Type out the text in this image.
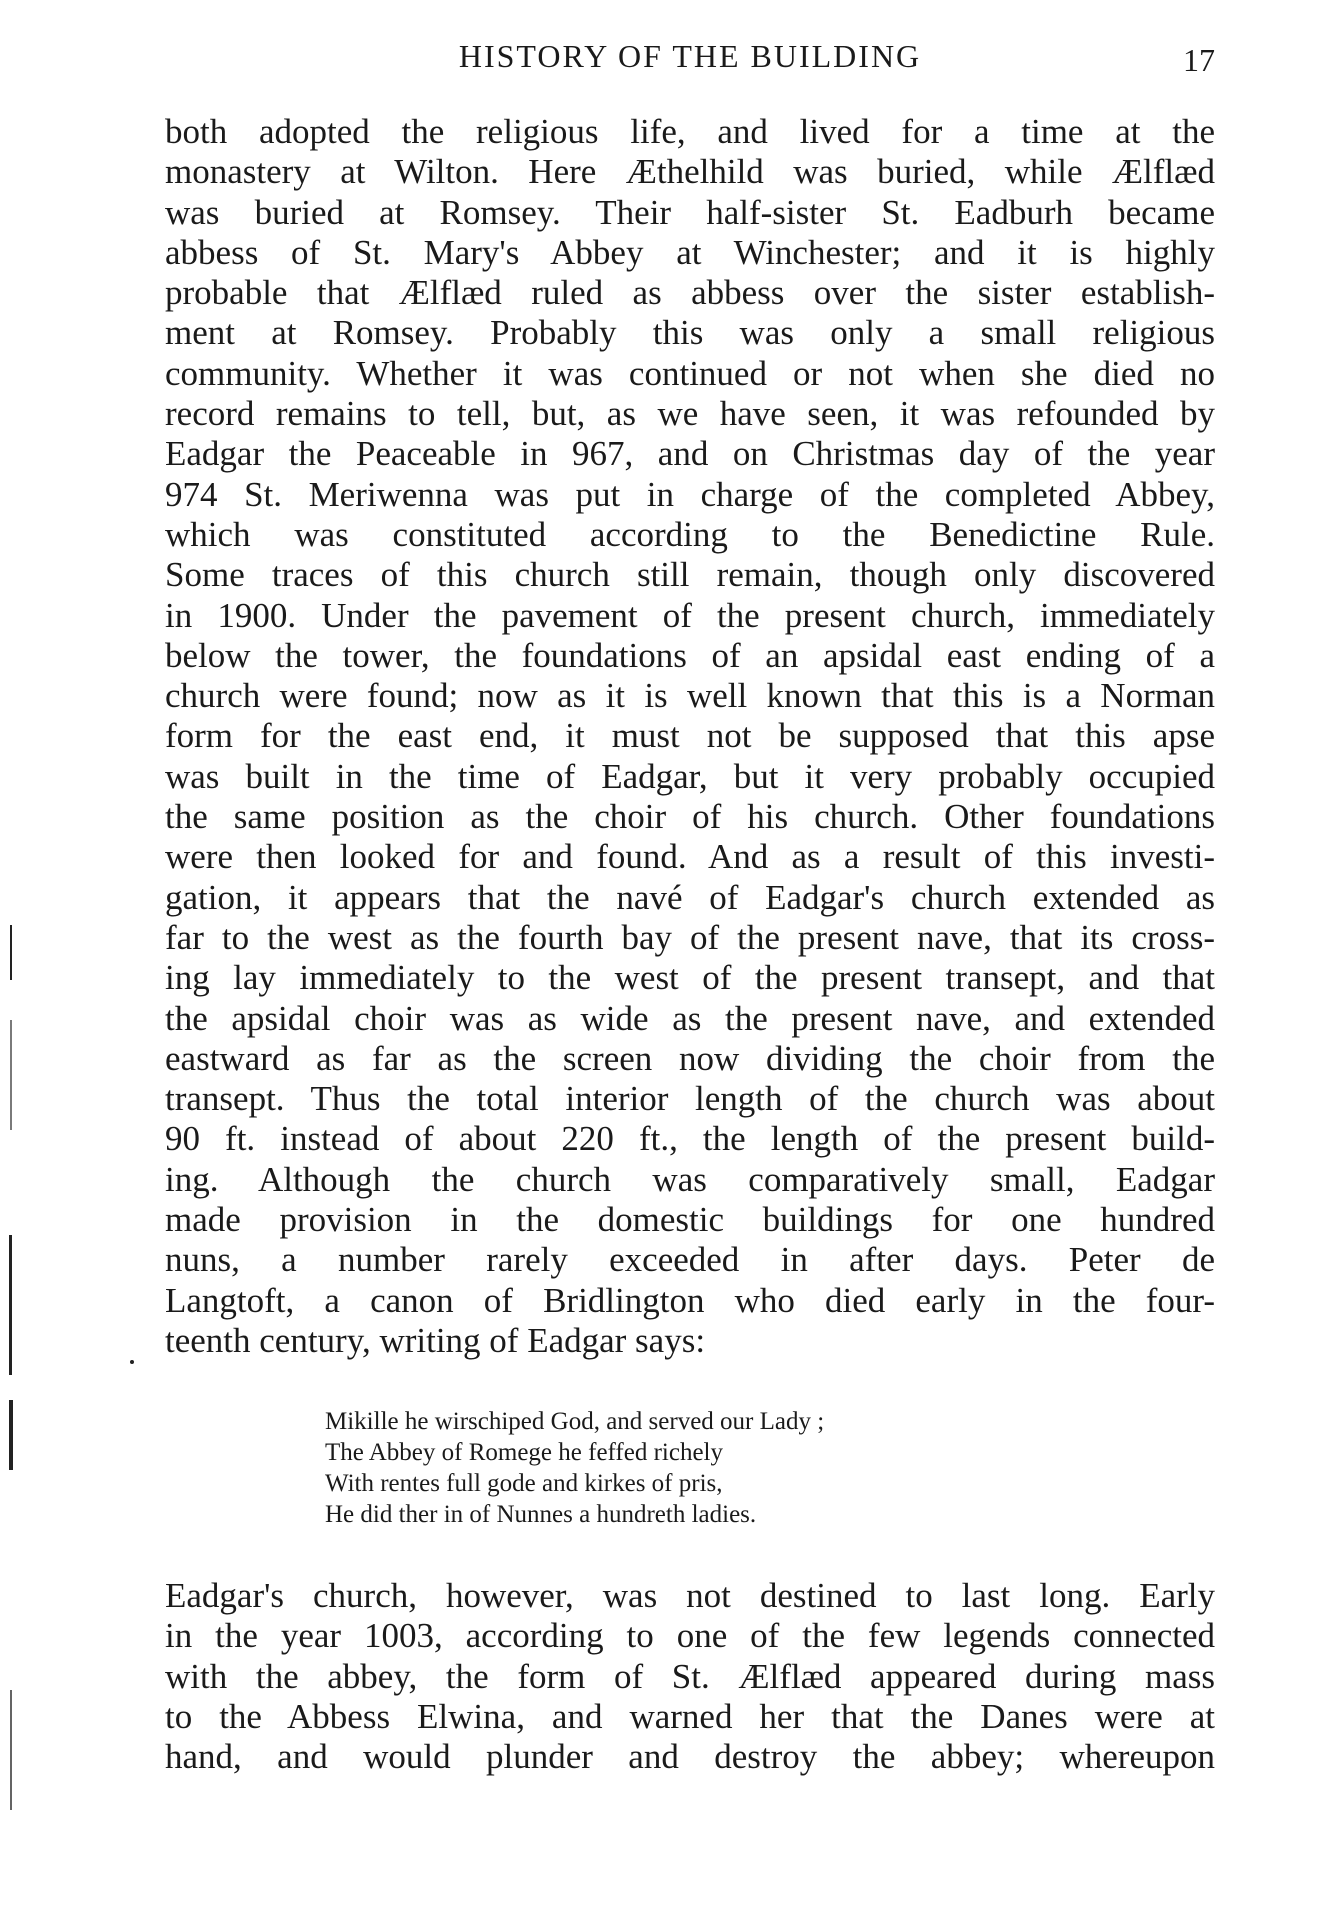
HISTORY OF THE BUILDING	17
both adopted the religious life, and lived for a time at the
monastery at Wilton. Here Æthelhild was buried, while Ælflæd
was buried at Romsey. Their half-sister St. Eadburh became
abbess of St. Mary's Abbey at Winchester; and it is highly
probable that Ælflæd ruled as abbess over the sister establish-
ment at Romsey. Probably this was only a small religious
community. Whether it was continued or not when she died no
record remains to tell, but, as we have seen, it was refounded by
Eadgar the Peaceable in 967, and on Christmas day of the year
974 St. Meriwenna was put in charge of the completed Abbey,
which was constituted according to the Benedictine Rule.
Some traces of this church still remain, though only discovered
in 1900. Under the pavement of the present church, immediately
below the tower, the foundations of an apsidal east ending of a
church were found; now as it is well known that this is a Norman
form for the east end, it must not be supposed that this apse
was built in the time of Eadgar, but it very probably occupied
the same position as the choir of his church. Other foundations
were then looked for and found. And as a result of this investi-
gation, it appears that the navé of Eadgar's church extended as
far to the west as the fourth bay of the present nave, that its cross-
ing lay immediately to the west of the present transept, and that
the apsidal choir was as wide as the present nave, and extended
eastward as far as the screen now dividing the choir from the
transept. Thus the total interior length of the church was about
90 ft. instead of about 220 ft., the length of the present build-
ing. Although the church was comparatively small, Eadgar
made provision in the domestic buildings for one hundred
nuns, a number rarely exceeded in after days. Peter de
Langtoft, a canon of Bridlington who died early in the four-
teenth century, writing of Eadgar says:
Mikille he wirschiped God, and served our Lady ;
The Abbey of Romege he feffed richely
With rentes full gode and kirkes of pris,
He did ther in of Nunnes a hundreth ladies.
Eadgar's church, however, was not destined to last long. Early
in the year 1003, according to one of the few legends connected
with the abbey, the form of St. Ælflæd appeared during mass
to the Abbess Elwina, and warned her that the Danes were at
hand, and would plunder and destroy the abbey; whereupon
